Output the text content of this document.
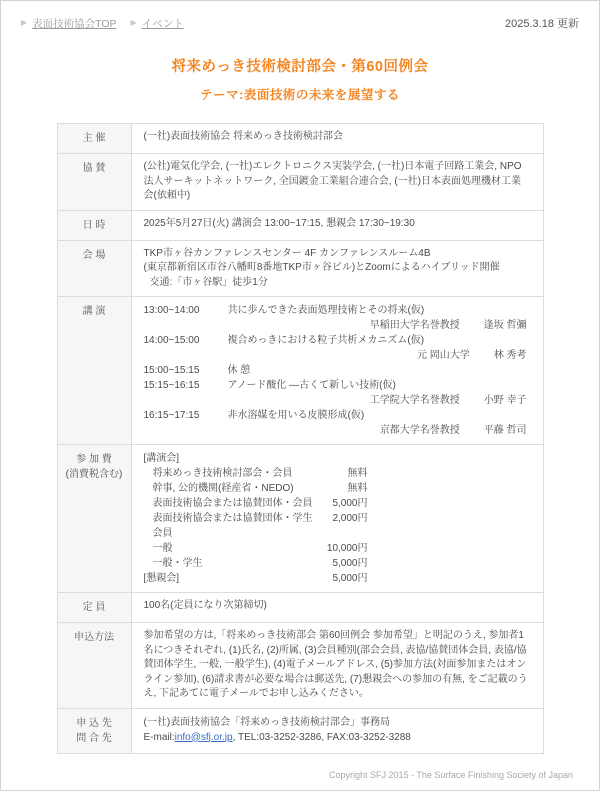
▶ 表面技術協会TOP ▶ イベント	2025.3.18 更新
将来めっき技術検討部会・第60回例会
テーマ:表面技術の未来を展望する
主 催	(一社)表面技術協会 将来めっき技術検討部会
協 賛	(公社)電気化学会, (一社)エレクトロニクス実装学会, (一社)日本電子回路工業会, NPO法人サーキットネットワーク, 全国鍍金工業組合連合会, (一社)日本表面処理機材工業会(依頼中)
日 時	2025年5月27日(火) 講演会 13:00~17:15, 懇親会 17:30~19:30
会 場	TKP市ヶ谷カンファレンスセンター 4F カンファレンスルーム4B
(東京都新宿区市谷八幡町8番地TKP市ヶ谷ビル)とZoomによるハイブリッド開催
交通:「市ヶ谷駅」徒歩1分
講 演	13:00~14:00	共に歩んできた表面処理技術とその将来(仮)
早稲田大学名誉教授 逢坂 哲彌
14:00~15:00	複合めっきにおける粒子共析メカニズム(仮)
元 岡山大学 林 秀考
15:00~15:15	休 憩
15:15~16:15	アノード酸化 ―古くて新しい技術(仮)
工学院大学名誉教授 小野 幸子
16:15~17:15	非水溶媒を用いる皮膜形成(仮)
京都大学名誉教授 平藤 哲司
参 加 費
(消費税含む)
[講演会]
将来めっき技術検討部会・会員	無料
幹事, 公的機関(経産省・NEDO)	無料
表面技術協会または協賛団体・会員	5,000円
表面技術協会または協賛団体・学生会員
2,000円
一般	10,000円
一般・学生	5,000円
[懇親会]	5,000円
定 員	100名(定員になり次第締切)
申込方法	参加希望の方は,「将来めっき技術部会 第60回例会 参加希望」と明記のうえ, 参加者1名につきそれぞれ, (1)氏名, (2)所属, (3)会員種別(部会会員, 表協/協賛団体会員, 表協/協賛団体学生, 一般, 一般学生), (4)電子メールアドレス, (5)参加方法(対面参加またはオンライン参加), (6)請求書が必要な場合は郵送先, (7)懇親会への参加の有無, をご記載のうえ, 下記あてに電子メールでお申し込みください。
申 込 先
問 合 先
(一社)表面技術協会「将来めっき技術検討部会」事務局
E-mail:info@sfj.or.jp, TEL:03-3252-3286, FAX:03-3252-3288
Copyright SFJ 2015 - The Surface Finishing Society of Japan
